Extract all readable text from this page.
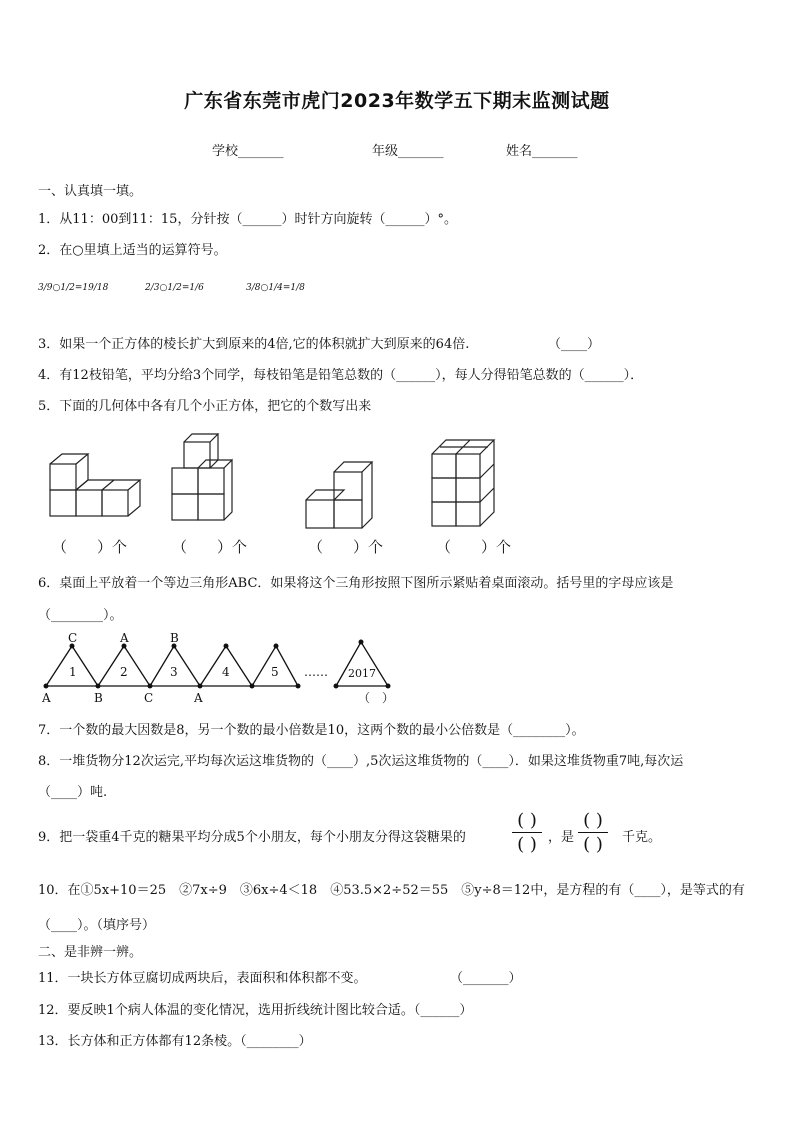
广东省东莞市虎门2023年数学五下期末监测试题
学校_______	年级_______	姓名_______
一、认真填一填。
1．从11：00到11：15，分针按（______）时针方向旋转（______）°。
2．在○里填上适当的运算符号。
3/9○1/2=19/18	2/3○1/2=1/6	3/8○1/4=1/8
3．如果一个正方体的棱长扩大到原来的4倍,它的体积就扩大到原来的64倍.	（____）
4．有12枝铅笔，平均分给3个同学，每枝铅笔是铅笔总数的（______），每人分得铅笔总数的（______）．
5．下面的几何体中各有几个小正方体，把它的个数写出来
（　　）个	（　　）个	（　　）个	（　　）个
6．桌面上平放着一个等边三角形ABC．如果将这个三角形按照下图所示紧贴着桌面滚动。括号里的字母应该是
（________）。
C	A	B
1	2	3	4	5
A	B	C	A
…… 2017
（　）
7．一个数的最大因数是8，另一个数的最小倍数是10，这两个数的最小公倍数是（________）。
8．一堆货物分12次运完,平均每次运这堆货物的（____）,5次运这堆货物的（____）．如果这堆货物重7吨,每次运
（____）吨.
9．把一袋重4千克的糖果平均分成5个小朋友，每个小朋友分得这袋糖果的
( )
( ) ，是
( )
( )	千克。
10．在①5x+10＝25　②7x÷9　③6x÷4＜18　④53.5×2÷52＝55　⑤y÷8＝12中，是方程的有（____），是等式的有
（____）。（填序号）
二、是非辨一辨。
11．一块长方体豆腐切成两块后，表面积和体积都不变。	（_______）
12．要反映1个病人体温的变化情况，选用折线统计图比较合适。（______）
13．长方体和正方体都有12条棱。（________）
